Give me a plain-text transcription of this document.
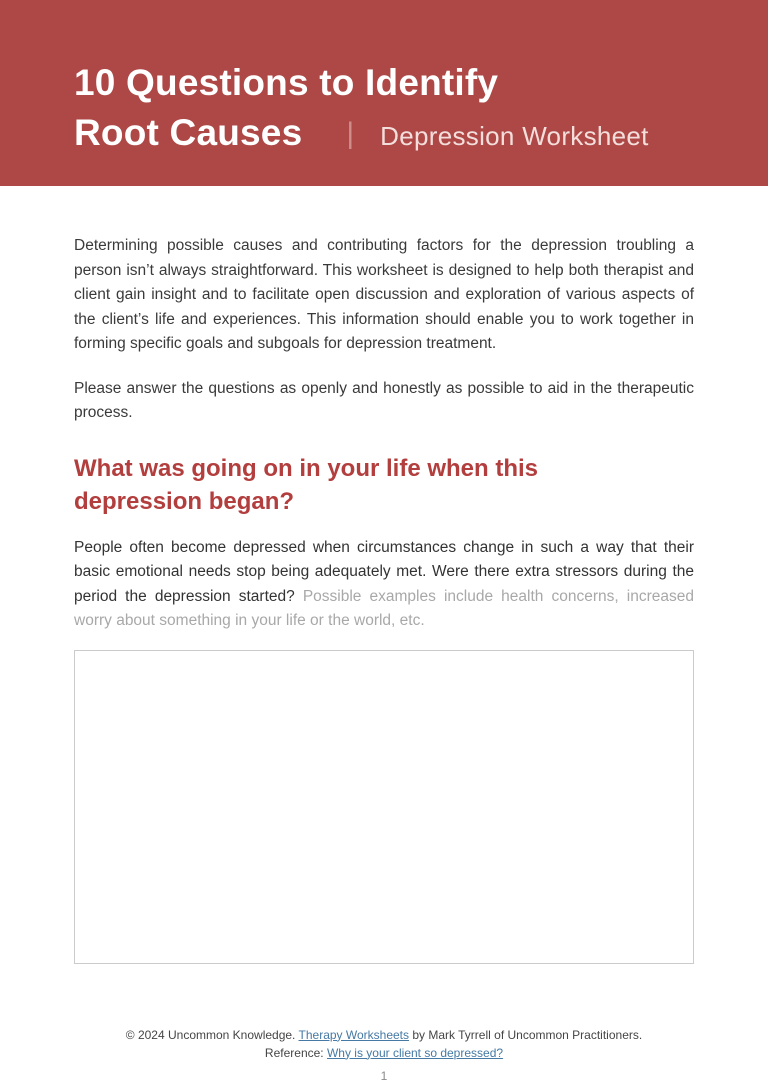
10 Questions to Identify
Root Causes | Depression Worksheet

Determining possible causes and contributing factors for the depression troubling a person isn’t always straightforward. This worksheet is designed to help both therapist and client gain insight and to facilitate open discussion and exploration of various aspects of the client’s life and experiences. This information should enable you to work together in forming specific goals and subgoals for depression treatment.

Please answer the questions as openly and honestly as possible to aid in the therapeutic process.

What was going on in your life when this depression began?

People often become depressed when circumstances change in such a way that their basic emotional needs stop being adequately met. Were there extra stressors during the period the depression started? Possible examples include health concerns, increased worry about something in your life or the world, etc.

© 2024 Uncommon Knowledge. Therapy Worksheets by Mark Tyrrell of Uncommon Practitioners.
Reference: Why is your client so depressed?
1
